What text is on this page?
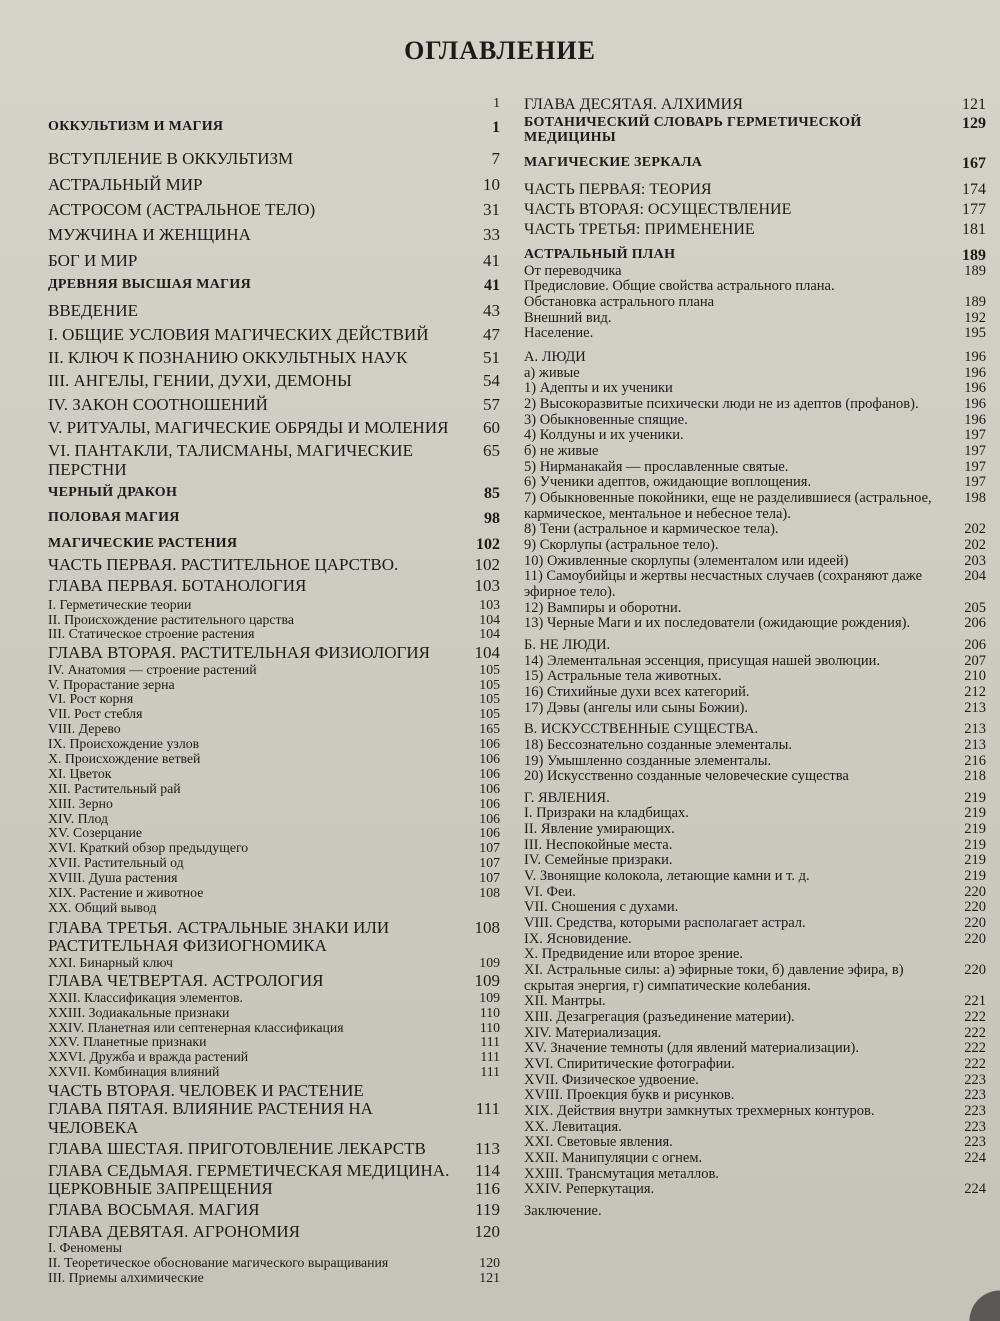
ОГЛАВЛЕНИЕ
1
ОККУЛЬТИЗМ И МАГИЯ	1
ВСТУПЛЕНИЕ В ОККУЛЬТИЗМ	7
АСТРАЛЬНЫЙ МИР	10
АСТРОСОМ (АСТРАЛЬНОЕ ТЕЛО)	31
МУЖЧИНА И ЖЕНЩИНА	33
БОГ И МИР	41
ДРЕВНЯЯ ВЫСШАЯ МАГИЯ	41
ВВЕДЕНИЕ	43
I. ОБЩИЕ УСЛОВИЯ МАГИЧЕСКИХ ДЕЙСТВИЙ	47
II. КЛЮЧ К ПОЗНАНИЮ ОККУЛЬТНЫХ НАУК	51
III. АНГЕЛЫ, ГЕНИИ, ДУХИ, ДЕМОНЫ	54
IV. ЗАКОН СООТНОШЕНИЙ	57
V. РИТУАЛЫ, МАГИЧЕСКИЕ ОБРЯДЫ И МОЛЕНИЯ	60
VI. ПАНТАКЛИ, ТАЛИСМАНЫ, МАГИЧЕСКИЕ ПЕРСТНИ
65
ЧЕРНЫЙ ДРАКОН	85
ПОЛОВАЯ МАГИЯ	98
МАГИЧЕСКИЕ РАСТЕНИЯ	102
ЧАСТЬ ПЕРВАЯ. РАСТИТЕЛЬНОЕ ЦАРСТВО.	102
ГЛАВА ПЕРВАЯ. БОТАНОЛОГИЯ	103
I. Герметические теории	103
II. Происхождение растительного царства	104
III. Статическое строение растения	104
ГЛАВА ВТОРАЯ. РАСТИТЕЛЬНАЯ ФИЗИОЛОГИЯ	104
IV. Анатомия — строение растений	105
V. Прорастание зерна	105
VI. Рост корня	105
VII. Рост стебля	105
VIII. Дерево	165
IX. Происхождение узлов	106
X. Происхождение ветвей	106
XI. Цветок	106
XII. Растительный рай	106
XIII. Зерно	106
XIV. Плод	106
XV. Созерцание	106
XVI. Краткий обзор предыдущего	107
XVII. Растительный од	107
XVIII. Душа растения	107
XIX. Растение и животное	108
XX. Общий вывод
ГЛАВА ТРЕТЬЯ. АСТРАЛЬНЫЕ ЗНАКИ ИЛИ РАСТИТЕЛЬНАЯ ФИЗИОГНОМИКА
108
XXI. Бинарный ключ	109
ГЛАВА ЧЕТВЕРТАЯ. АСТРОЛОГИЯ	109
XXII. Классификация элементов.	109
XXIII. Зодиакальные признаки	110
XXIV. Планетная или септенерная классификация	110
XXV. Планетные признаки	111
XXVI. Дружба и вражда растений	111
XXVII. Комбинация влияний	111
ЧАСТЬ ВТОРАЯ. ЧЕЛОВЕК И РАСТЕНИЕ
ГЛАВА ПЯТАЯ. ВЛИЯНИЕ РАСТЕНИЯ НА ЧЕЛОВЕКА
111
ГЛАВА ШЕСТАЯ. ПРИГОТОВЛЕНИЕ ЛЕКАРСТВ	113
ГЛАВА СЕДЬМАЯ. ГЕРМЕТИЧЕСКАЯ МЕДИЦИНА.	114
ЦЕРКОВНЫЕ ЗАПРЕЩЕНИЯ	116
ГЛАВА ВОСЬМАЯ. МАГИЯ	119
ГЛАВА ДЕВЯТАЯ. АГРОНОМИЯ	120
I. Феномены
II. Теоретическое обоснование магического выращивания	120
III. Приемы алхимические	121
ГЛАВА ДЕСЯТАЯ. АЛХИМИЯ	121
БОТАНИЧЕСКИЙ СЛОВАРЬ ГЕРМЕТИЧЕСКОЙ МЕДИЦИНЫ
129
МАГИЧЕСКИЕ ЗЕРКАЛА	167
ЧАСТЬ ПЕРВАЯ: ТЕОРИЯ	174
ЧАСТЬ ВТОРАЯ: ОСУЩЕСТВЛЕНИЕ	177
ЧАСТЬ ТРЕТЬЯ: ПРИМЕНЕНИЕ	181
АСТРАЛЬНЫЙ ПЛАН	189
От переводчика	189
Предисловие. Общие свойства астрального плана.
Обстановка астрального плана	189
Внешний вид.	192
Население.	195
А. ЛЮДИ	196
а) живые	196
1) Адепты и их ученики	196
2) Высокоразвитые психически люди не из адептов (профанов).	196
3) Обыкновенные спящие.	196
4) Колдуны и их ученики.	197
б) не живые	197
5) Нирманакайя — прославленные святые.	197
6) Ученики адептов, ожидающие воплощения.	197
7) Обыкновенные покойники, еще не разделившиеся (астральное, кармическое, ментальное и небесное тела).
198
8) Тени (астральное и кармическое тела).	202
9) Скорлупы (астральное тело).	202
10) Оживленные скорлупы (элементалом или идеей)	203
11) Самоубийцы и жертвы несчастных случаев (сохраняют даже эфирное тело).
204
12) Вампиры и оборотни.	205
13) Черные Маги и их последователи (ожидающие рождения).	206
Б. НЕ ЛЮДИ.	206
14) Элементальная эссенция, присущая нашей эволюции.	207
15) Астральные тела животных.	210
16) Стихийные духи всех категорий.	212
17) Дэвы (ангелы или сыны Божии).	213
В. ИСКУССТВЕННЫЕ СУЩЕСТВА.	213
18) Бессознательно созданные элементалы.	213
19) Умышленно созданные элементалы.	216
20) Искусственно созданные человеческие существа	218
Г. ЯВЛЕНИЯ.	219
I. Призраки на кладбищах.	219
II. Явление умирающих.	219
III. Неспокойные места.	219
IV. Семейные призраки.	219
V. Звонящие колокола, летающие камни и т. д.	219
VI. Феи.	220
VII. Сношения с духами.	220
VIII. Средства, которыми располагает астрал.	220
IX. Ясновидение.	220
X. Предвидение или второе зрение.
XI. Астральные силы: а) эфирные токи, б) давление эфира, в) скрытая энергия, г) симпатические колебания.
220
XII. Мантры.	221
XIII. Дезагрегация (разъединение материи).	222
XIV. Материализация.	222
XV. Значение темноты (для явлений материализации).	222
XVI. Спиритические фотографии.	222
XVII. Физическое удвоение.	223
XVIII. Проекция букв и рисунков.	223
XIX. Действия внутри замкнутых трехмерных контуров.	223
XX. Левитация.	223
XXI. Световые явления.	223
XXII. Манипуляции с огнем.	224
XXIII. Трансмутация металлов.
XXIV. Реперкутация.	224
Заключение.
